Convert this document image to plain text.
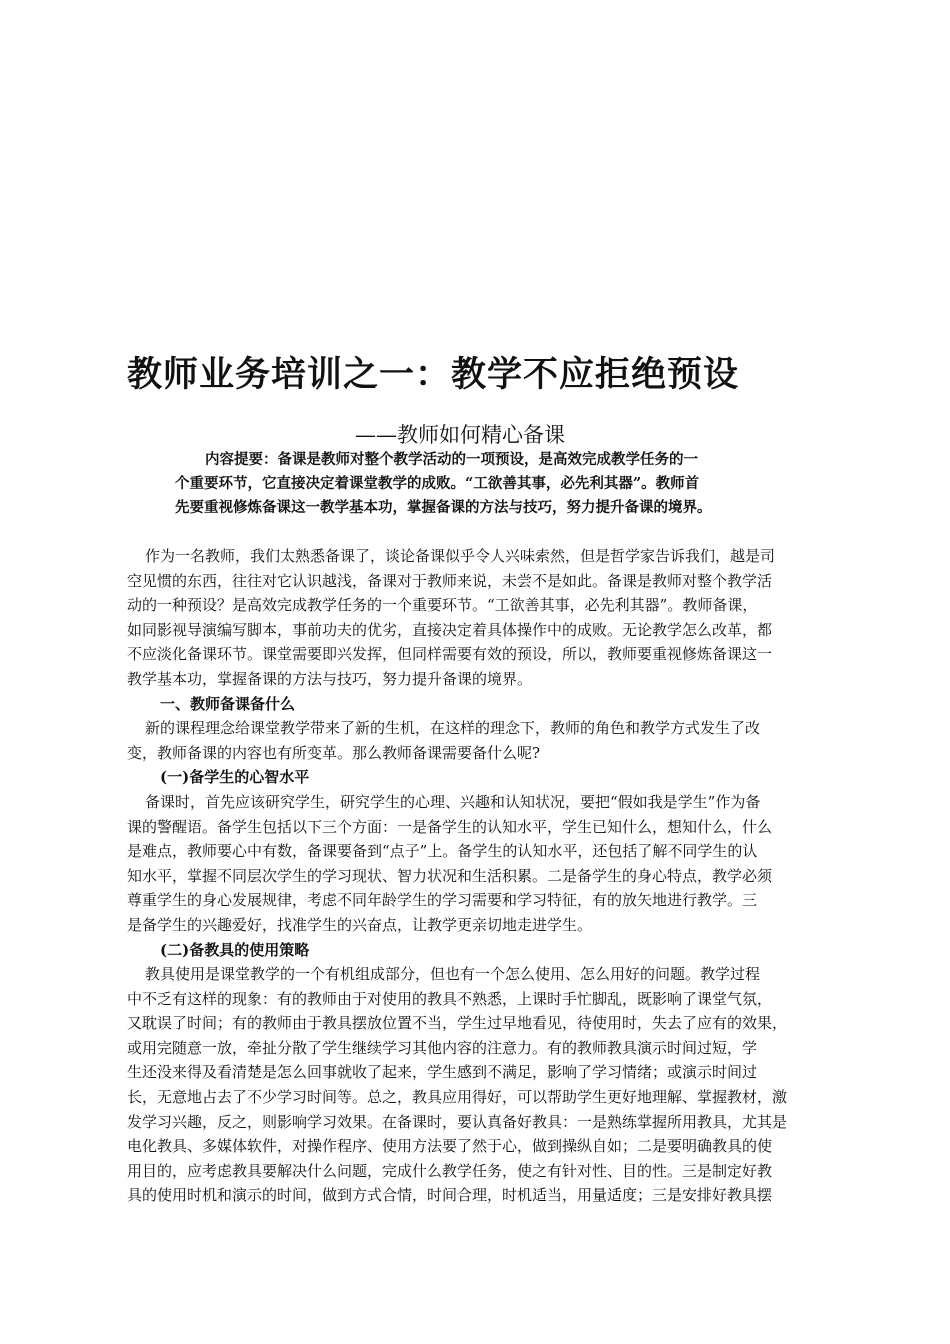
教师业务培训之一：教学不应拒绝预设
——教师如何精心备课
内容提要：备课是教师对整个教学活动的一项预设，是高效完成教学任务的一
个重要环节，它直接决定着课堂教学的成败。“工欲善其事，必先利其器”。教师首
先要重视修炼备课这一教学基本功，掌握备课的方法与技巧，努力提升备课的境界。
作为一名教师，我们太熟悉备课了，谈论备课似乎令人兴味索然，但是哲学家告诉我们，越是司
空见惯的东西，往往对它认识越浅，备课对于教师来说，未尝不是如此。备课是教师对整个教学活
动的一种预设？是高效完成教学任务的一个重要环节。“工欲善其事，必先利其器”。教师备课，
如同影视导演编写脚本，事前功夫的优劣，直接决定着具体操作中的成败。无论教学怎么改革，都
不应淡化备课环节。课堂需要即兴发挥，但同样需要有效的预设，所以，教师要重视修炼备课这一
教学基本功，掌握备课的方法与技巧，努力提升备课的境界。
一、教师备课备什么
新的课程理念给课堂教学带来了新的生机，在这样的理念下，教师的角色和教学方式发生了改
变，教师备课的内容也有所变革。那么教师备课需要备什么呢?
(一)备学生的心智水平
备课时，首先应该研究学生，研究学生的心理、兴趣和认知状况，要把“假如我是学生”作为备
课的警醒语。备学生包括以下三个方面：一是备学生的认知水平，学生已知什么，想知什么，什么
是难点，教师要心中有数，备课要备到“点子”上。备学生的认知水平，还包括了解不同学生的认
知水平，掌握不同层次学生的学习现状、智力状况和生活积累。二是备学生的身心特点，教学必须
尊重学生的身心发展规律，考虑不同年龄学生的学习需要和学习特征，有的放矢地进行教学。三
是备学生的兴趣爱好，找准学生的兴奋点，让教学更亲切地走进学生。
(二)备教具的使用策略
教具使用是课堂教学的一个有机组成部分，但也有一个怎么使用、怎么用好的问题。教学过程
中不乏有这样的现象：有的教师由于对使用的教具不熟悉，上课时手忙脚乱，既影响了课堂气氛，
又耽误了时间；有的教师由于教具摆放位置不当，学生过早地看见，待使用时，失去了应有的效果，
或用完随意一放，牵扯分散了学生继续学习其他内容的注意力。有的教师教具演示时间过短，学
生还没来得及看清楚是怎么回事就收了起来，学生感到不满足，影响了学习情绪；或演示时间过
长，无意地占去了不少学习时间等。总之，教具应用得好，可以帮助学生更好地理解、掌握教材，激
发学习兴趣，反之，则影响学习效果。在备课时，要认真备好教具：一是熟练掌握所用教具，尤其是
电化教具、多媒体软件，对操作程序、使用方法要了然于心，做到操纵自如；二是要明确教具的使
用目的，应考虑教具要解决什么问题，完成什么教学任务，使之有针对性、目的性。三是制定好教
具的使用时机和演示的时间，做到方式合情，时间合理，时机适当，用量适度；三是安排好教具摆
